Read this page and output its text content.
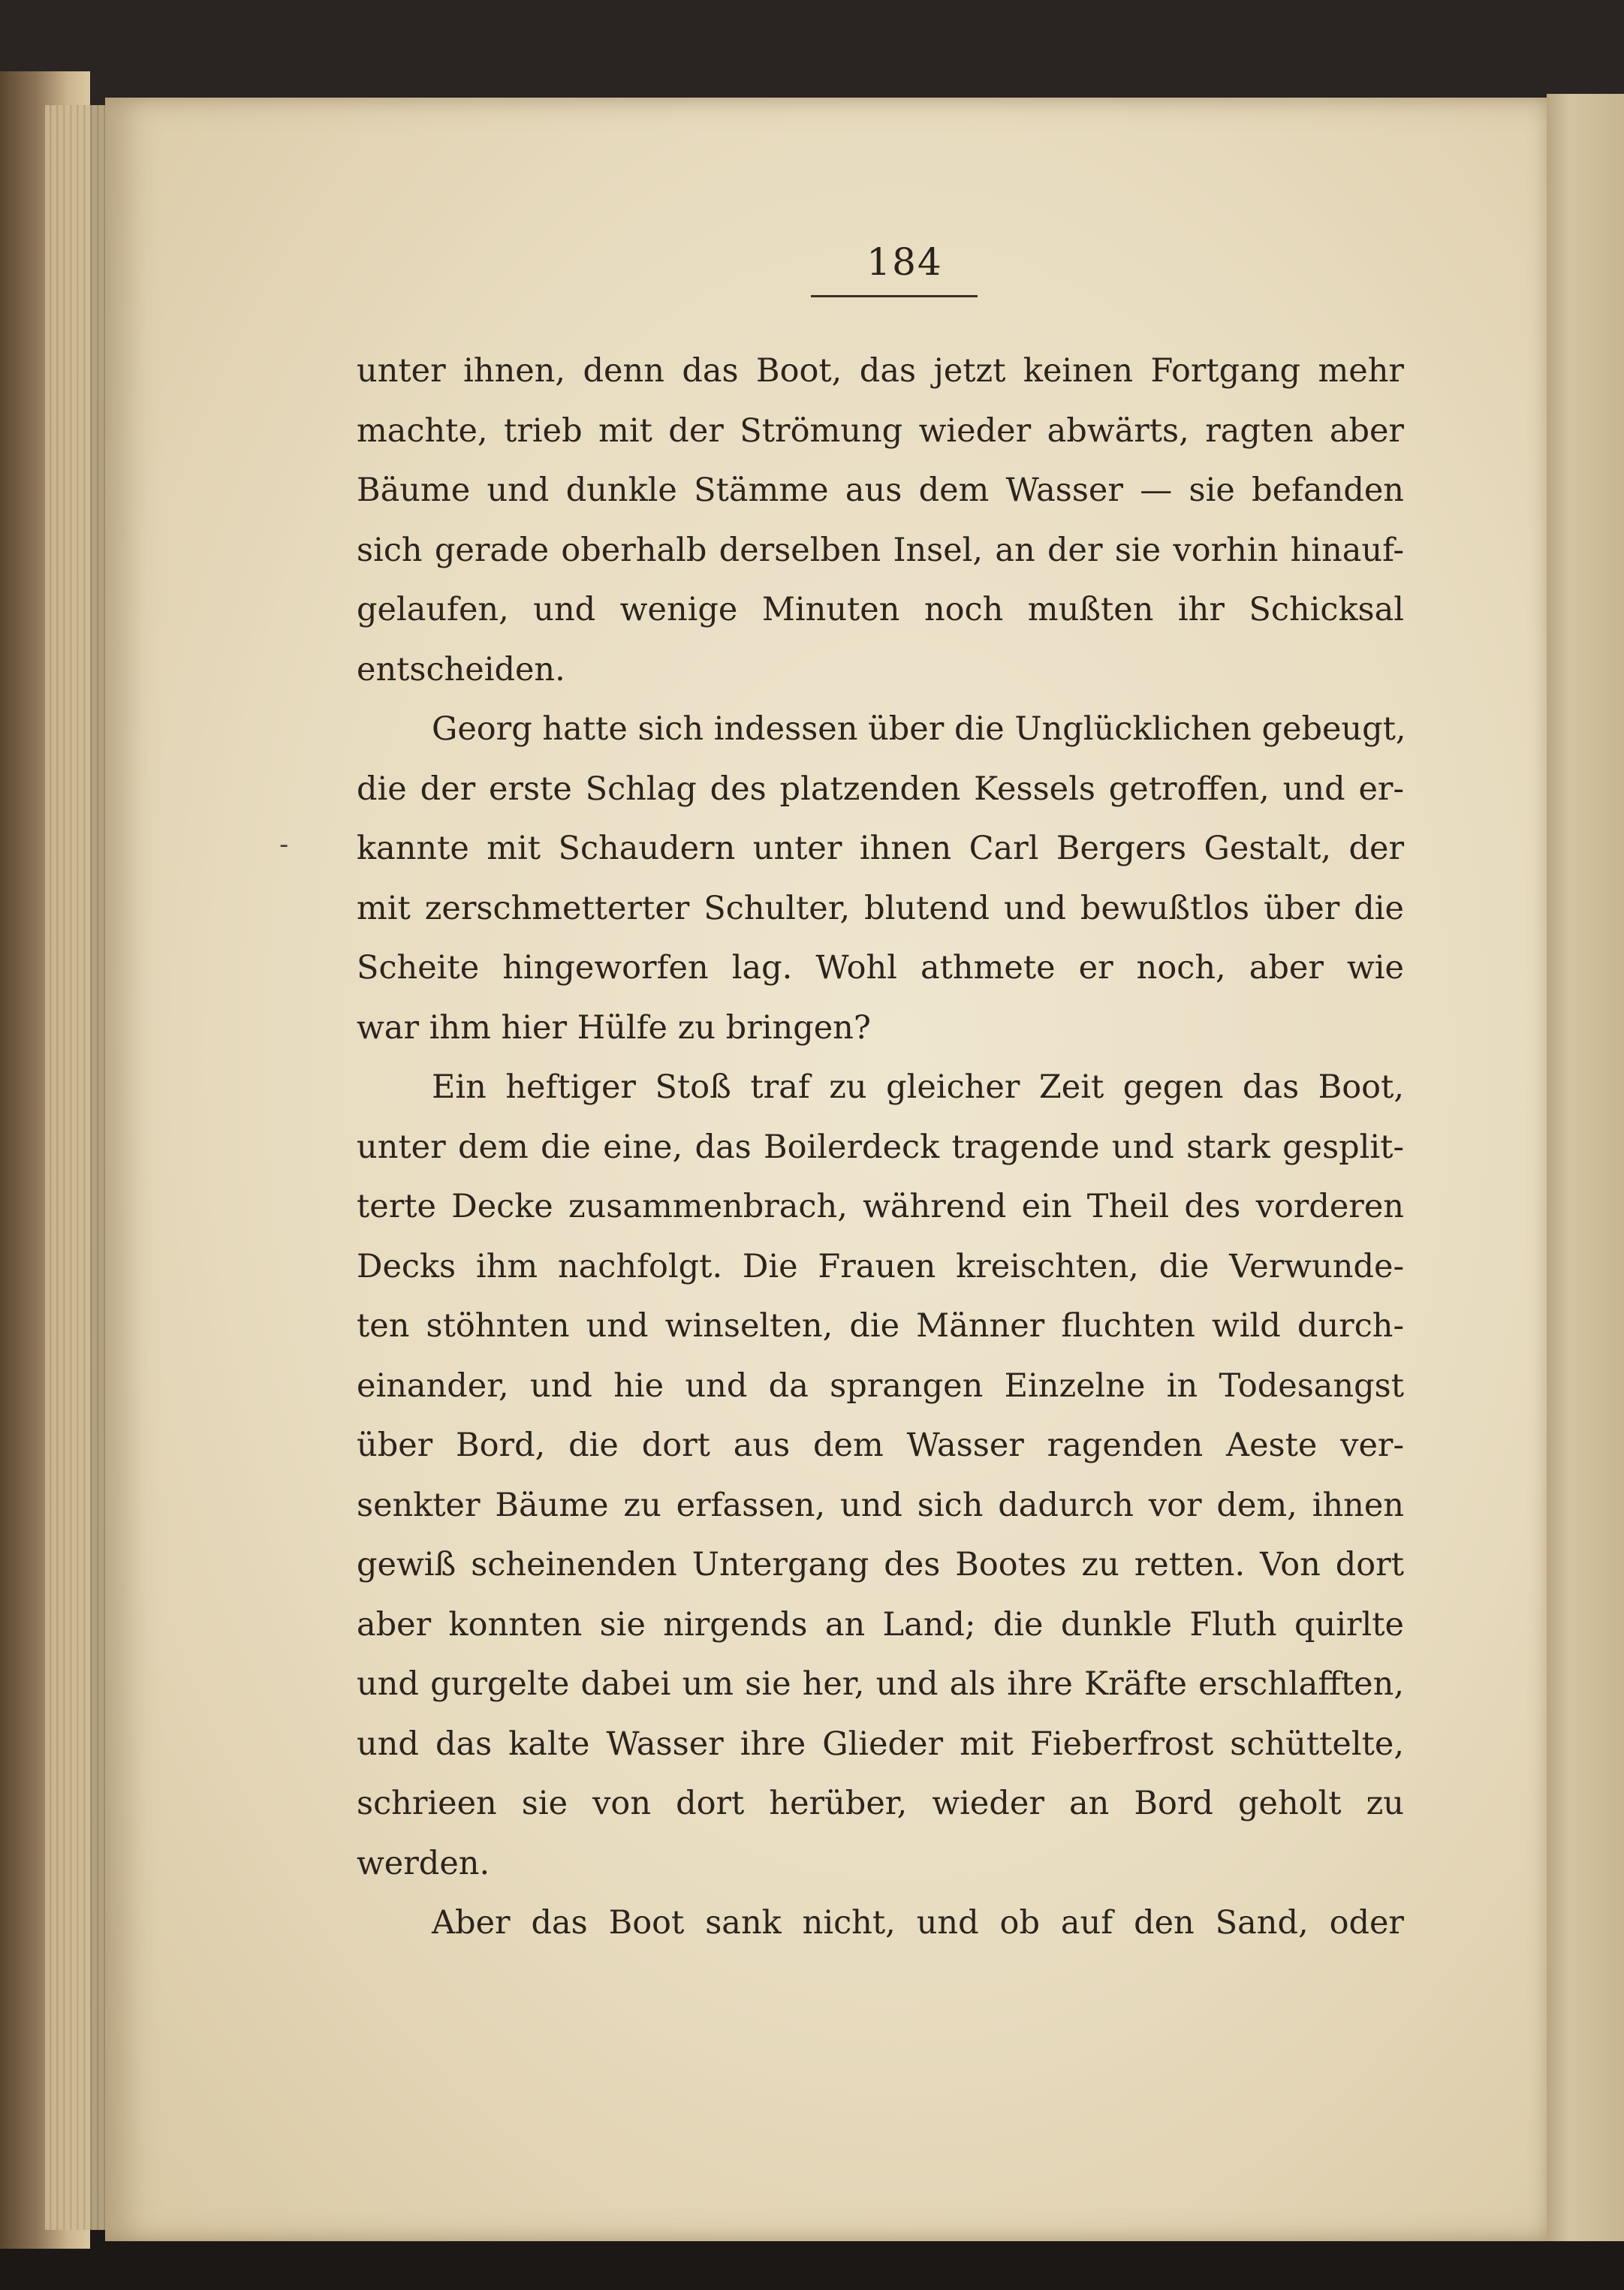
184
-
unter ihnen, denn das Boot, das jetzt keinen Fortgang mehr
machte, trieb mit der Strömung wieder abwärts, ragten aber
Bäume und dunkle Stämme aus dem Wasser — sie befanden
sich gerade oberhalb derselben Insel, an der sie vorhin hinauf-
gelaufen, und wenige Minuten noch mußten ihr Schicksal
entscheiden.
Georg hatte sich indessen über die Unglücklichen gebeugt,
die der erste Schlag des platzenden Kessels getroffen, und er-
kannte mit Schaudern unter ihnen Carl Bergers Gestalt, der
mit zerschmetterter Schulter, blutend und bewußtlos über die
Scheite hingeworfen lag. Wohl athmete er noch, aber wie
war ihm hier Hülfe zu bringen?
Ein heftiger Stoß traf zu gleicher Zeit gegen das Boot,
unter dem die eine, das Boilerdeck tragende und stark gesplit-
terte Decke zusammenbrach, während ein Theil des vorderen
Decks ihm nachfolgt. Die Frauen kreischten, die Verwunde-
ten stöhnten und winselten, die Männer fluchten wild durch-
einander, und hie und da sprangen Einzelne in Todesangst
über Bord, die dort aus dem Wasser ragenden Aeste ver-
senkter Bäume zu erfassen, und sich dadurch vor dem, ihnen
gewiß scheinenden Untergang des Bootes zu retten. Von dort
aber konnten sie nirgends an Land; die dunkle Fluth quirlte
und gurgelte dabei um sie her, und als ihre Kräfte erschlafften,
und das kalte Wasser ihre Glieder mit Fieberfrost schüttelte,
schrieen sie von dort herüber, wieder an Bord geholt zu
werden.
Aber das Boot sank nicht, und ob auf den Sand, oder
